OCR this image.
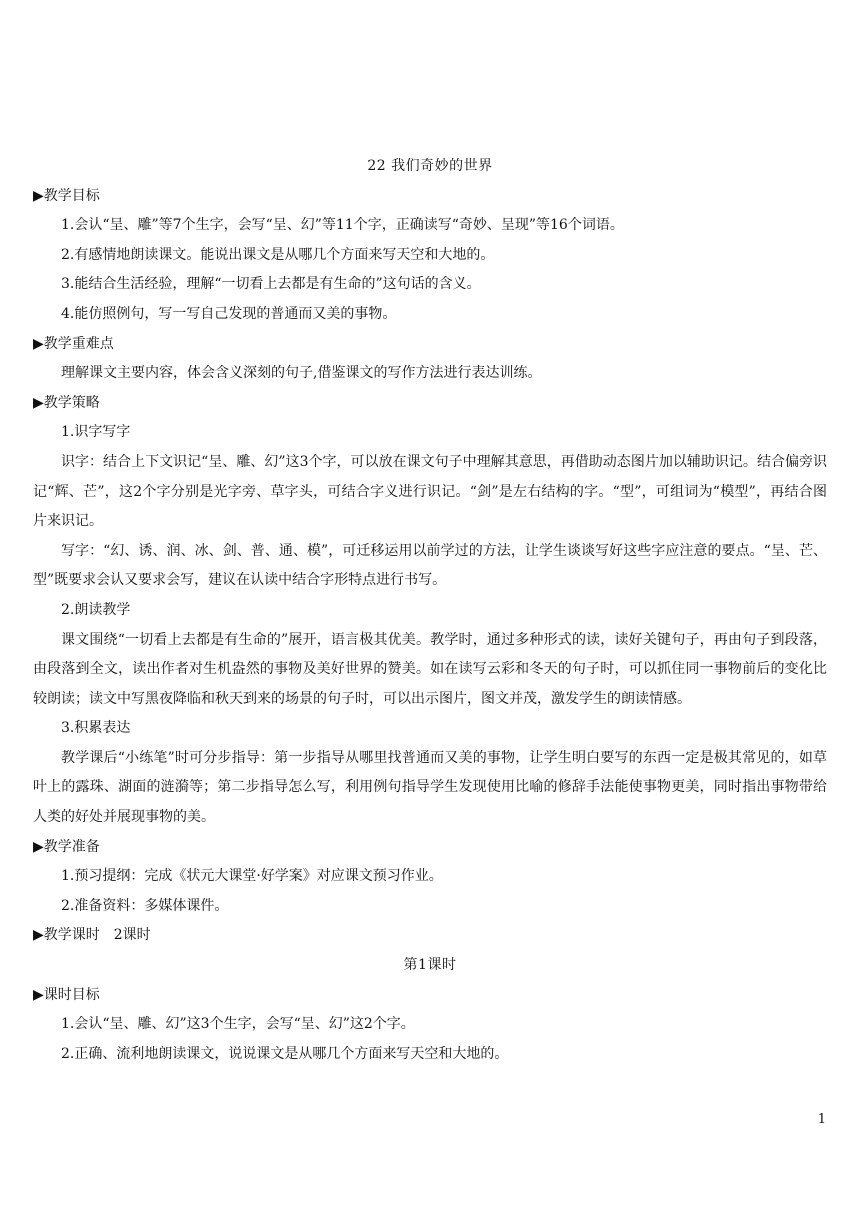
22 我们奇妙的世界
▶教学目标
1.会认“呈、雕”等7个生字，会写“呈、幻”等11个字，正确读写“奇妙、呈现”等16个词语。
2.有感情地朗读课文。能说出课文是从哪几个方面来写天空和大地的。
3.能结合生活经验，理解“一切看上去都是有生命的”这句话的含义。
4.能仿照例句，写一写自己发现的普通而又美的事物。
▶教学重难点
理解课文主要内容，体会含义深刻的句子,借鉴课文的写作方法进行表达训练。
▶教学策略
1.识字写字

识字：结合上下文识记“呈、雕、幻”这3个字，可以放在课文句子中理解其意思，再借助动态图片加以辅助识记。结合偏旁识记“辉、芒”，这2个字分别是光字旁、草字头，可结合字义进行识记。“剑”是左右结构的字。“型”，可组词为“模型”，再结合图片来识记。

写字：“幻、诱、润、冰、剑、普、通、模”，可迁移运用以前学过的方法，让学生谈谈写好这些字应注意的要点。“呈、芒、型”既要求会认又要求会写，建议在认读中结合字形特点进行书写。

2.朗读教学

课文围绕“一切看上去都是有生命的”展开，语言极其优美。教学时，通过多种形式的读，读好关键句子，再由句子到段落，由段落到全文，读出作者对生机盎然的事物及美好世界的赞美。如在读写云彩和冬天的句子时，可以抓住同一事物前后的变化比较朗读；读文中写黑夜降临和秋天到来的场景的句子时，可以出示图片，图文并茂，激发学生的朗读情感。

3.积累表达

教学课后“小练笔”时可分步指导：第一步指导从哪里找普通而又美的事物，让学生明白要写的东西一定是极其常见的，如草叶上的露珠、湖面的涟漪等；第二步指导怎么写，利用例句指导学生发现使用比喻的修辞手法能使事物更美，同时指出事物带给人类的好处并展现事物的美。

▶教学准备
1.预习提纲：完成《状元大课堂·好学案》对应课文预习作业。
2.准备资料：多媒体课件。
▶教学课时　2课时
第1课时
▶课时目标
1.会认“呈、雕、幻”这3个生字，会写“呈、幻”这2个字。
2.正确、流利地朗读课文，说说课文是从哪几个方面来写天空和大地的。
1
